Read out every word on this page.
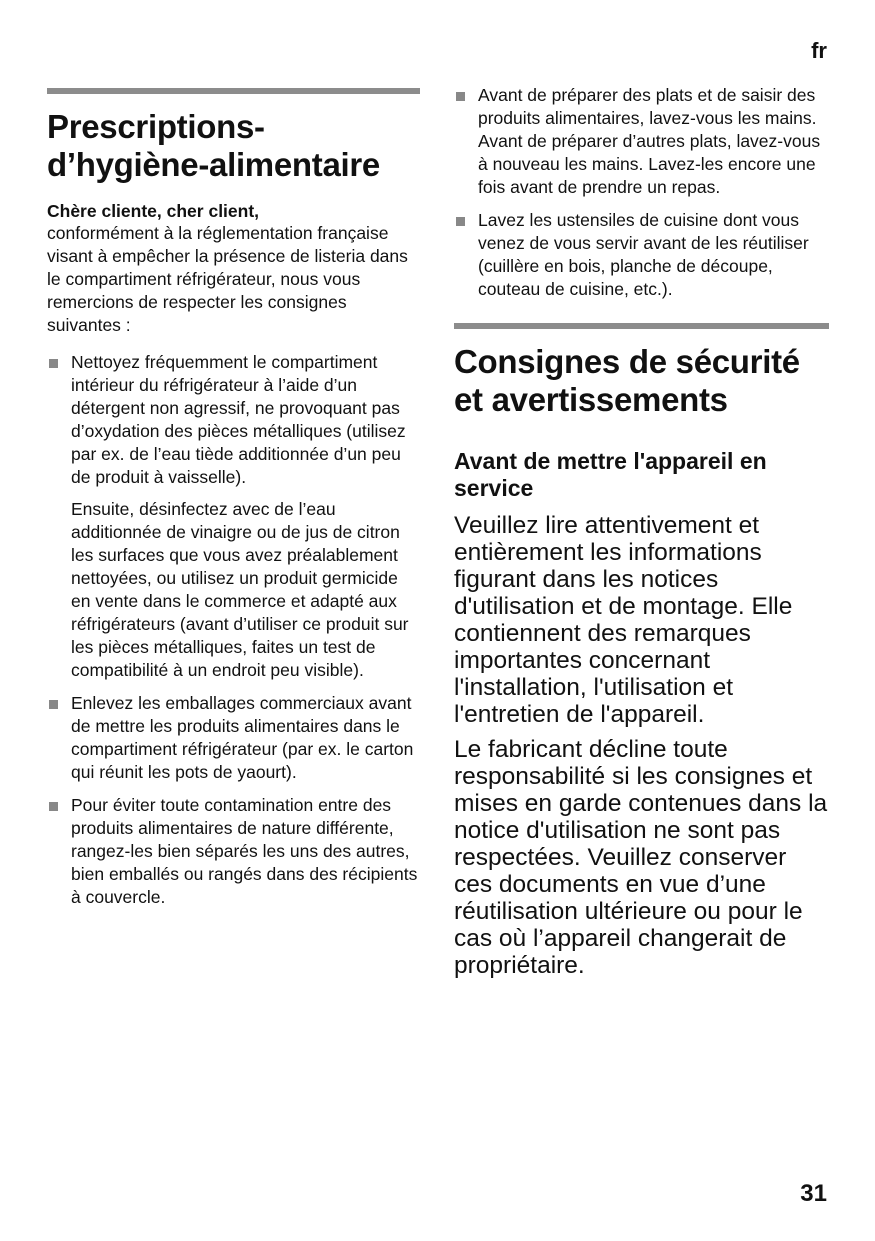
fr
Prescriptions-
d’hygiène-alimentaire

Chère cliente, cher client,

conformément à la réglementation française visant à empêcher la présence de listeria dans le compartiment réfrigérateur, nous vous remercions de respecter les consignes suivantes :

Nettoyez fréquemment le compartiment intérieur du réfrigérateur à l’aide d’un détergent non agressif, ne provoquant pas d’oxydation des pièces métalliques (utilisez par ex. de l’eau tiède additionnée d’un peu de produit à vaisselle).

Ensuite, désinfectez avec de l’eau additionnée de vinaigre ou de jus de citron les surfaces que vous avez préalablement nettoyées, ou utilisez un produit germicide en vente dans le commerce et adapté aux réfrigérateurs (avant d’utiliser ce produit sur les pièces métalliques, faites un test de compatibilité à un endroit peu visible).

Enlevez les emballages commerciaux avant de mettre les produits alimentaires dans le compartiment réfrigérateur (par ex. le carton qui réunit les pots de yaourt).

Pour éviter toute contamination entre des produits alimentaires de nature différente, rangez-les bien séparés les uns des autres, bien emballés ou rangés dans des récipients à couvercle.

Avant de préparer des plats et de saisir des produits alimentaires, lavez-vous les mains. Avant de préparer d’autres plats, lavez-vous à nouveau les mains. Lavez-les encore une fois avant de prendre un repas.

Lavez les ustensiles de cuisine dont vous venez de vous servir avant de les réutiliser (cuillère en bois, planche de découpe, couteau de cuisine, etc.).

Consignes de sécurité
et avertissements
Avant de mettre l'appareil en service

Veuillez lire attentivement et entièrement les informations figurant dans les notices d'utilisation et de montage. Elle contiennent des remarques importantes concernant l'installation, l'utilisation et l'entretien de l'appareil.

Le fabricant décline toute responsabilité si les consignes et mises en garde contenues dans la notice d'utilisation ne sont pas respectées. Veuillez conserver ces documents en vue d’une réutilisation ultérieure ou pour le cas où l’appareil changerait de propriétaire.

31
